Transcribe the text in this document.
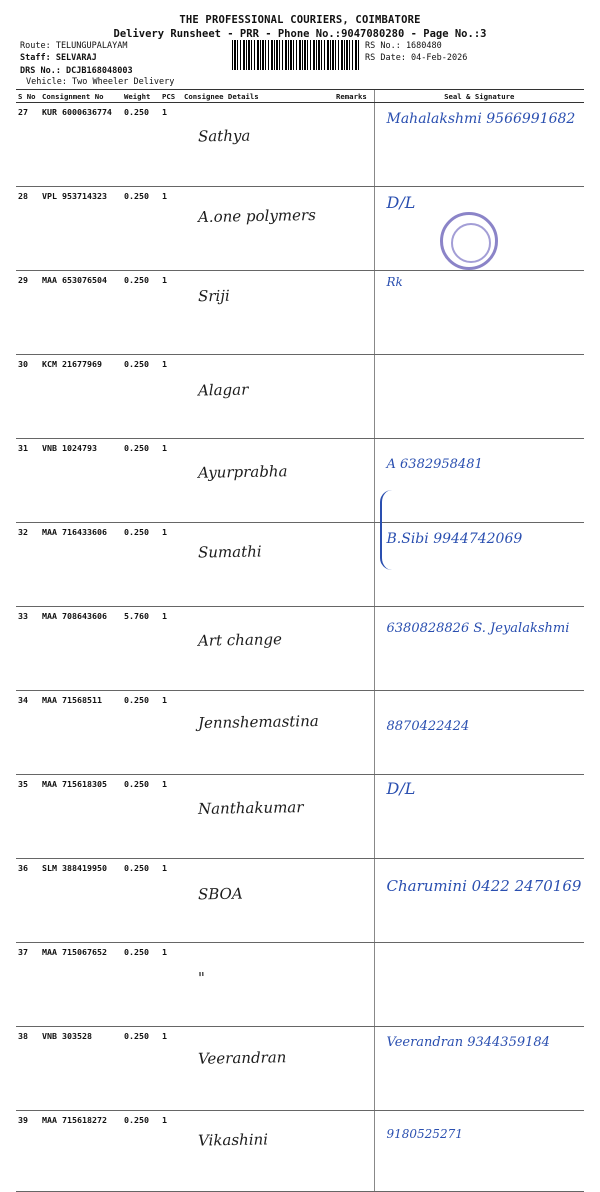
THE PROFESSIONAL COURIERS, COIMBATORE
Delivery Runsheet - PRR - Phone No.:9047080280 - Page No.:3
Route: TELUNGUPALAYAM
Staff: SELVARAJ
DRS No.: DCJB168048003
Vehicle: Two Wheeler Delivery
RS No.: 1680480
RS Date: 04-Feb-2026
S No	Consignment No	Weight	PCS	Consignee Details	Remarks	Seal & Signature
27	KUR 6000636774	0.250	1	Sathya		Mahalakshmi 9566991682

28	VPL 953714323	0.250	1	A.one polymers		D/L

29	MAA 653076504	0.250	1	Sriji		Rk

30	KCM 21677969	0.250	1	Alagar		

31	VNB 1024793	0.250	1	Ayurprabha		A 6382958481

32	MAA 716433606	0.250	1	Sumathi		B.Sibi 9944742069

33	MAA 708643606	5.760	1	Art change		6380828826 S. Jeyalakshmi

34	MAA 71568511	0.250	1	Jennshemastina		8870422424

35	MAA 715618305	0.250	1	Nanthakumar		D/L

36	SLM 388419950	0.250	1	SBOA		Charumini 0422 2470169

37	MAA 715067652	0.250	1	"		

38	VNB 303528	0.250	1	Veerandran		Veerandran 9344359184

39	MAA 715618272	0.250	1	Vikashini		9180525271
